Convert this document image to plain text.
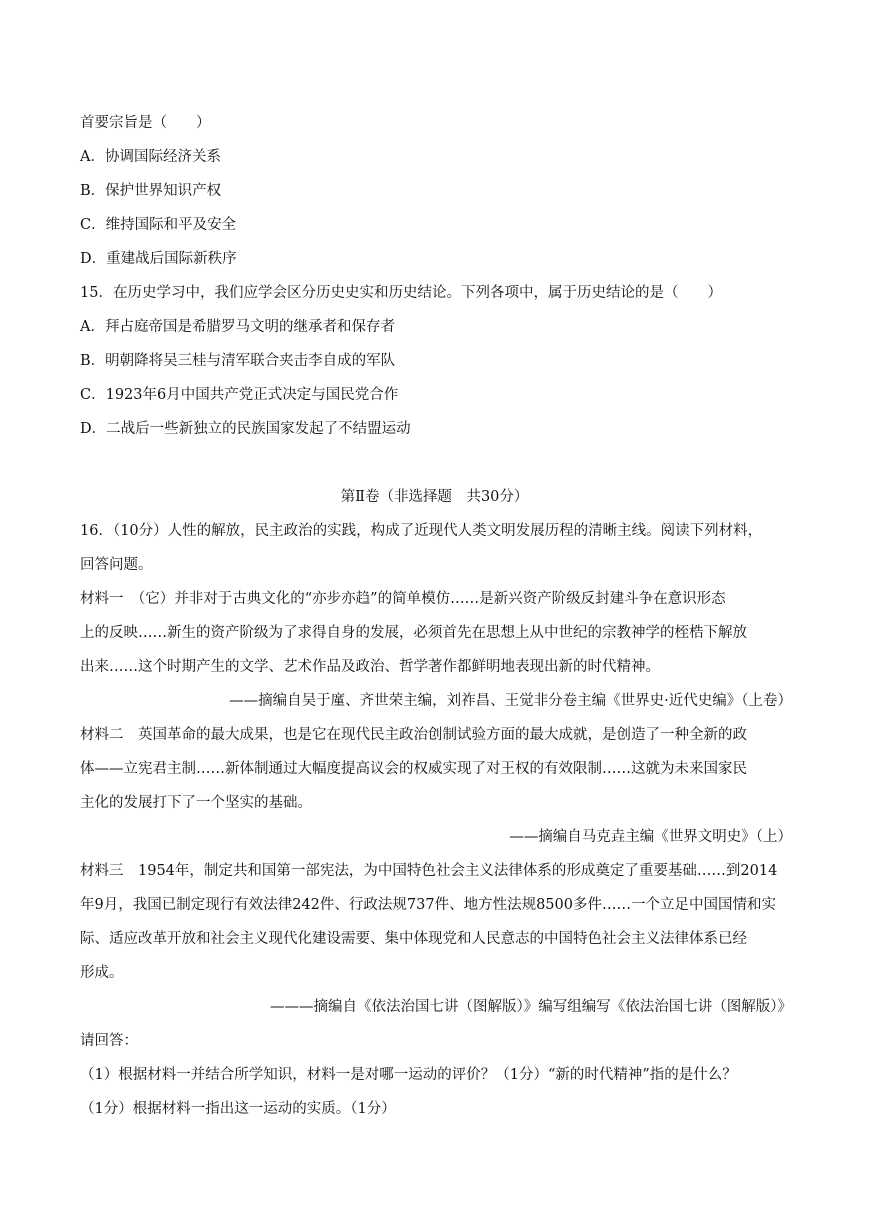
首要宗旨是（　　）
A．协调国际经济关系
B．保护世界知识产权
C．维持国际和平及安全
D．重建战后国际新秩序
15．在历史学习中，我们应学会区分历史史实和历史结论。下列各项中，属于历史结论的是（　　）
A．拜占庭帝国是希腊罗马文明的继承者和保存者
B．明朝降将吴三桂与清军联合夹击李自成的军队
C．1923年6月中国共产党正式决定与国民党合作
D．二战后一些新独立的民族国家发起了不结盟运动
第Ⅱ卷（非选择题　共30分）
16．（10分）人性的解放，民主政治的实践，构成了近现代人类文明发展历程的清晰主线。阅读下列材料，
回答问题。
材料一　（它）并非对于古典文化的“亦步亦趋”的简单模仿……是新兴资产阶级反封建斗争在意识形态
上的反映……新生的资产阶级为了求得自身的发展，必须首先在思想上从中世纪的宗教神学的桎梏下解放
出来……这个时期产生的文学、艺术作品及政治、哲学著作都鲜明地表现出新的时代精神。
——摘编自吴于廑、齐世荣主编，刘祚昌、王觉非分卷主编《世界史·近代史编》（上卷）
材料二　英国革命的最大成果，也是它在现代民主政治创制试验方面的最大成就，是创造了一种全新的政
体——立宪君主制……新体制通过大幅度提高议会的权威实现了对王权的有效限制……这就为未来国家民
主化的发展打下了一个坚实的基础。
——摘编自马克垚主编《世界文明史》（上）
材料三　1954年，制定共和国第一部宪法，为中国特色社会主义法律体系的形成奠定了重要基础……到2014
年9月，我国已制定现行有效法律242件、行政法规737件、地方性法规8500多件……一个立足中国国情和实
际、适应改革开放和社会主义现代化建设需要、集中体现党和人民意志的中国特色社会主义法律体系已经
形成。
———摘编自《依法治国七讲（图解版）》编写组编写《依法治国七讲（图解版）》
请回答：
（1）根据材料一并结合所学知识，材料一是对哪一运动的评价？（1分）“新的时代精神”指的是什么？
（1分）根据材料一指出这一运动的实质。（1分）
